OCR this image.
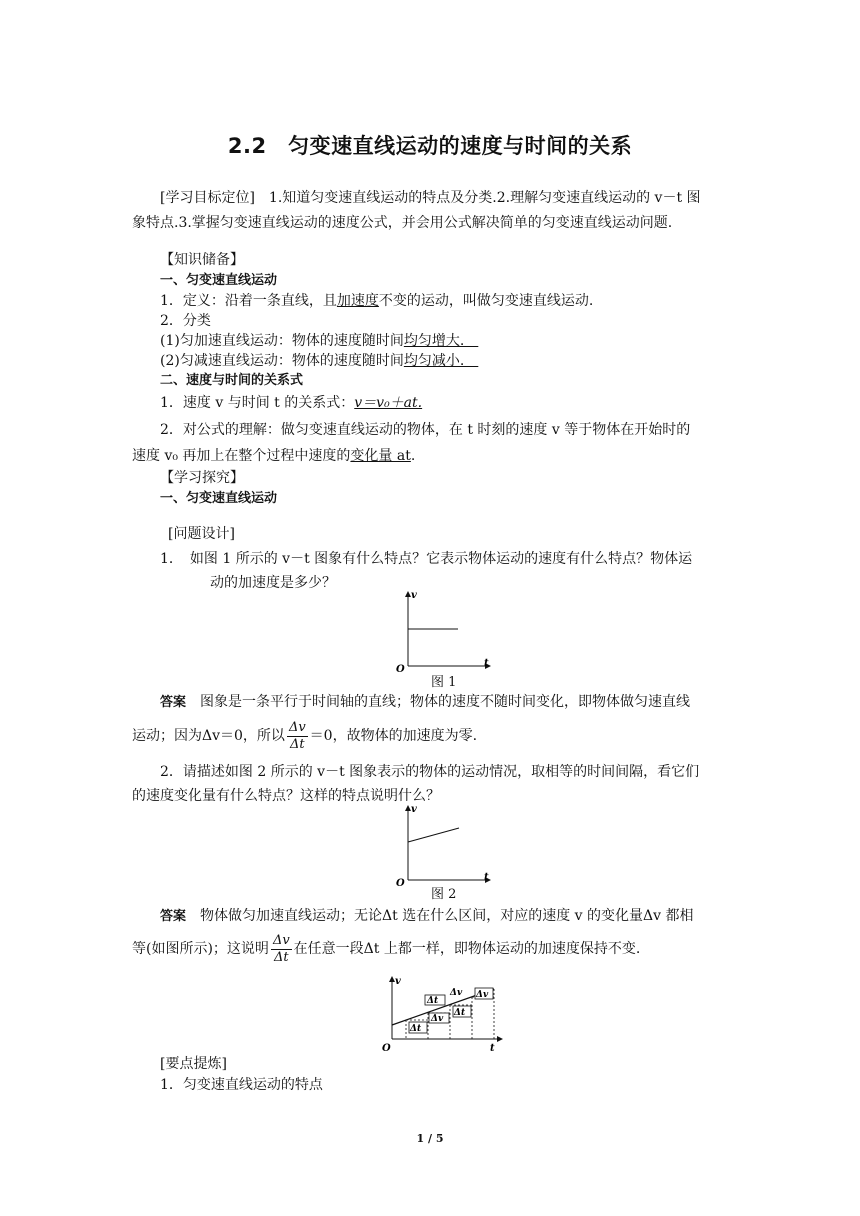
2.2　匀变速直线运动的速度与时间的关系
[学习目标定位]　1.知道匀变速直线运动的特点及分类.2.理解匀变速直线运动的 v－t 图
象特点.3.掌握匀变速直线运动的速度公式，并会用公式解决简单的匀变速直线运动问题.
【知识储备】
一、匀变速直线运动
1．定义：沿着一条直线，且加速度不变的运动，叫做匀变速直线运动.
2．分类
(1)匀加速直线运动：物体的速度随时间均匀增大.　
(2)匀减速直线运动：物体的速度随时间均匀减小.　
二、速度与时间的关系式
1．速度 v 与时间 t 的关系式：v＝v₀＋at.
2．对公式的理解：做匀变速直线运动的物体，在 t 时刻的速度 v 等于物体在开始时的
速度 v₀ 再加上在整个过程中速度的变化量 at.
【学习探究】
一、匀变速直线运动
[问题设计]
1．　如图 1 所示的 v－t 图象有什么特点？它表示物体运动的速度有什么特点？物体运
动的加速度是多少？
v
t
O
图 1
答案　图象是一条平行于时间轴的直线；物体的速度不随时间变化，即物体做匀速直线
运动；因为Δv＝0，所以 $\frac{\Delta v}{\Delta t} =0$，故物体的加速度为零.
2．请描述如图 2 所示的 v－t 图象表示的物体的运动情况，取相等的时间间隔，看它们
的速度变化量有什么特点？这样的特点说明什么？
v
t
O
图 2
答案　物体做匀加速直线运动；无论Δt 选在什么区间，对应的速度 v 的变化量Δv 都相
等(如图所示)；这说明 $\frac{\Delta v}{\Delta t}$ 在任意一段Δt 上都一样，即物体运动的加速度保持不变.
Δt
Δv
Δt
Δt
Δv Δv
v
t
O
[要点提炼]
1．匀变速直线运动的特点
1 / 5
